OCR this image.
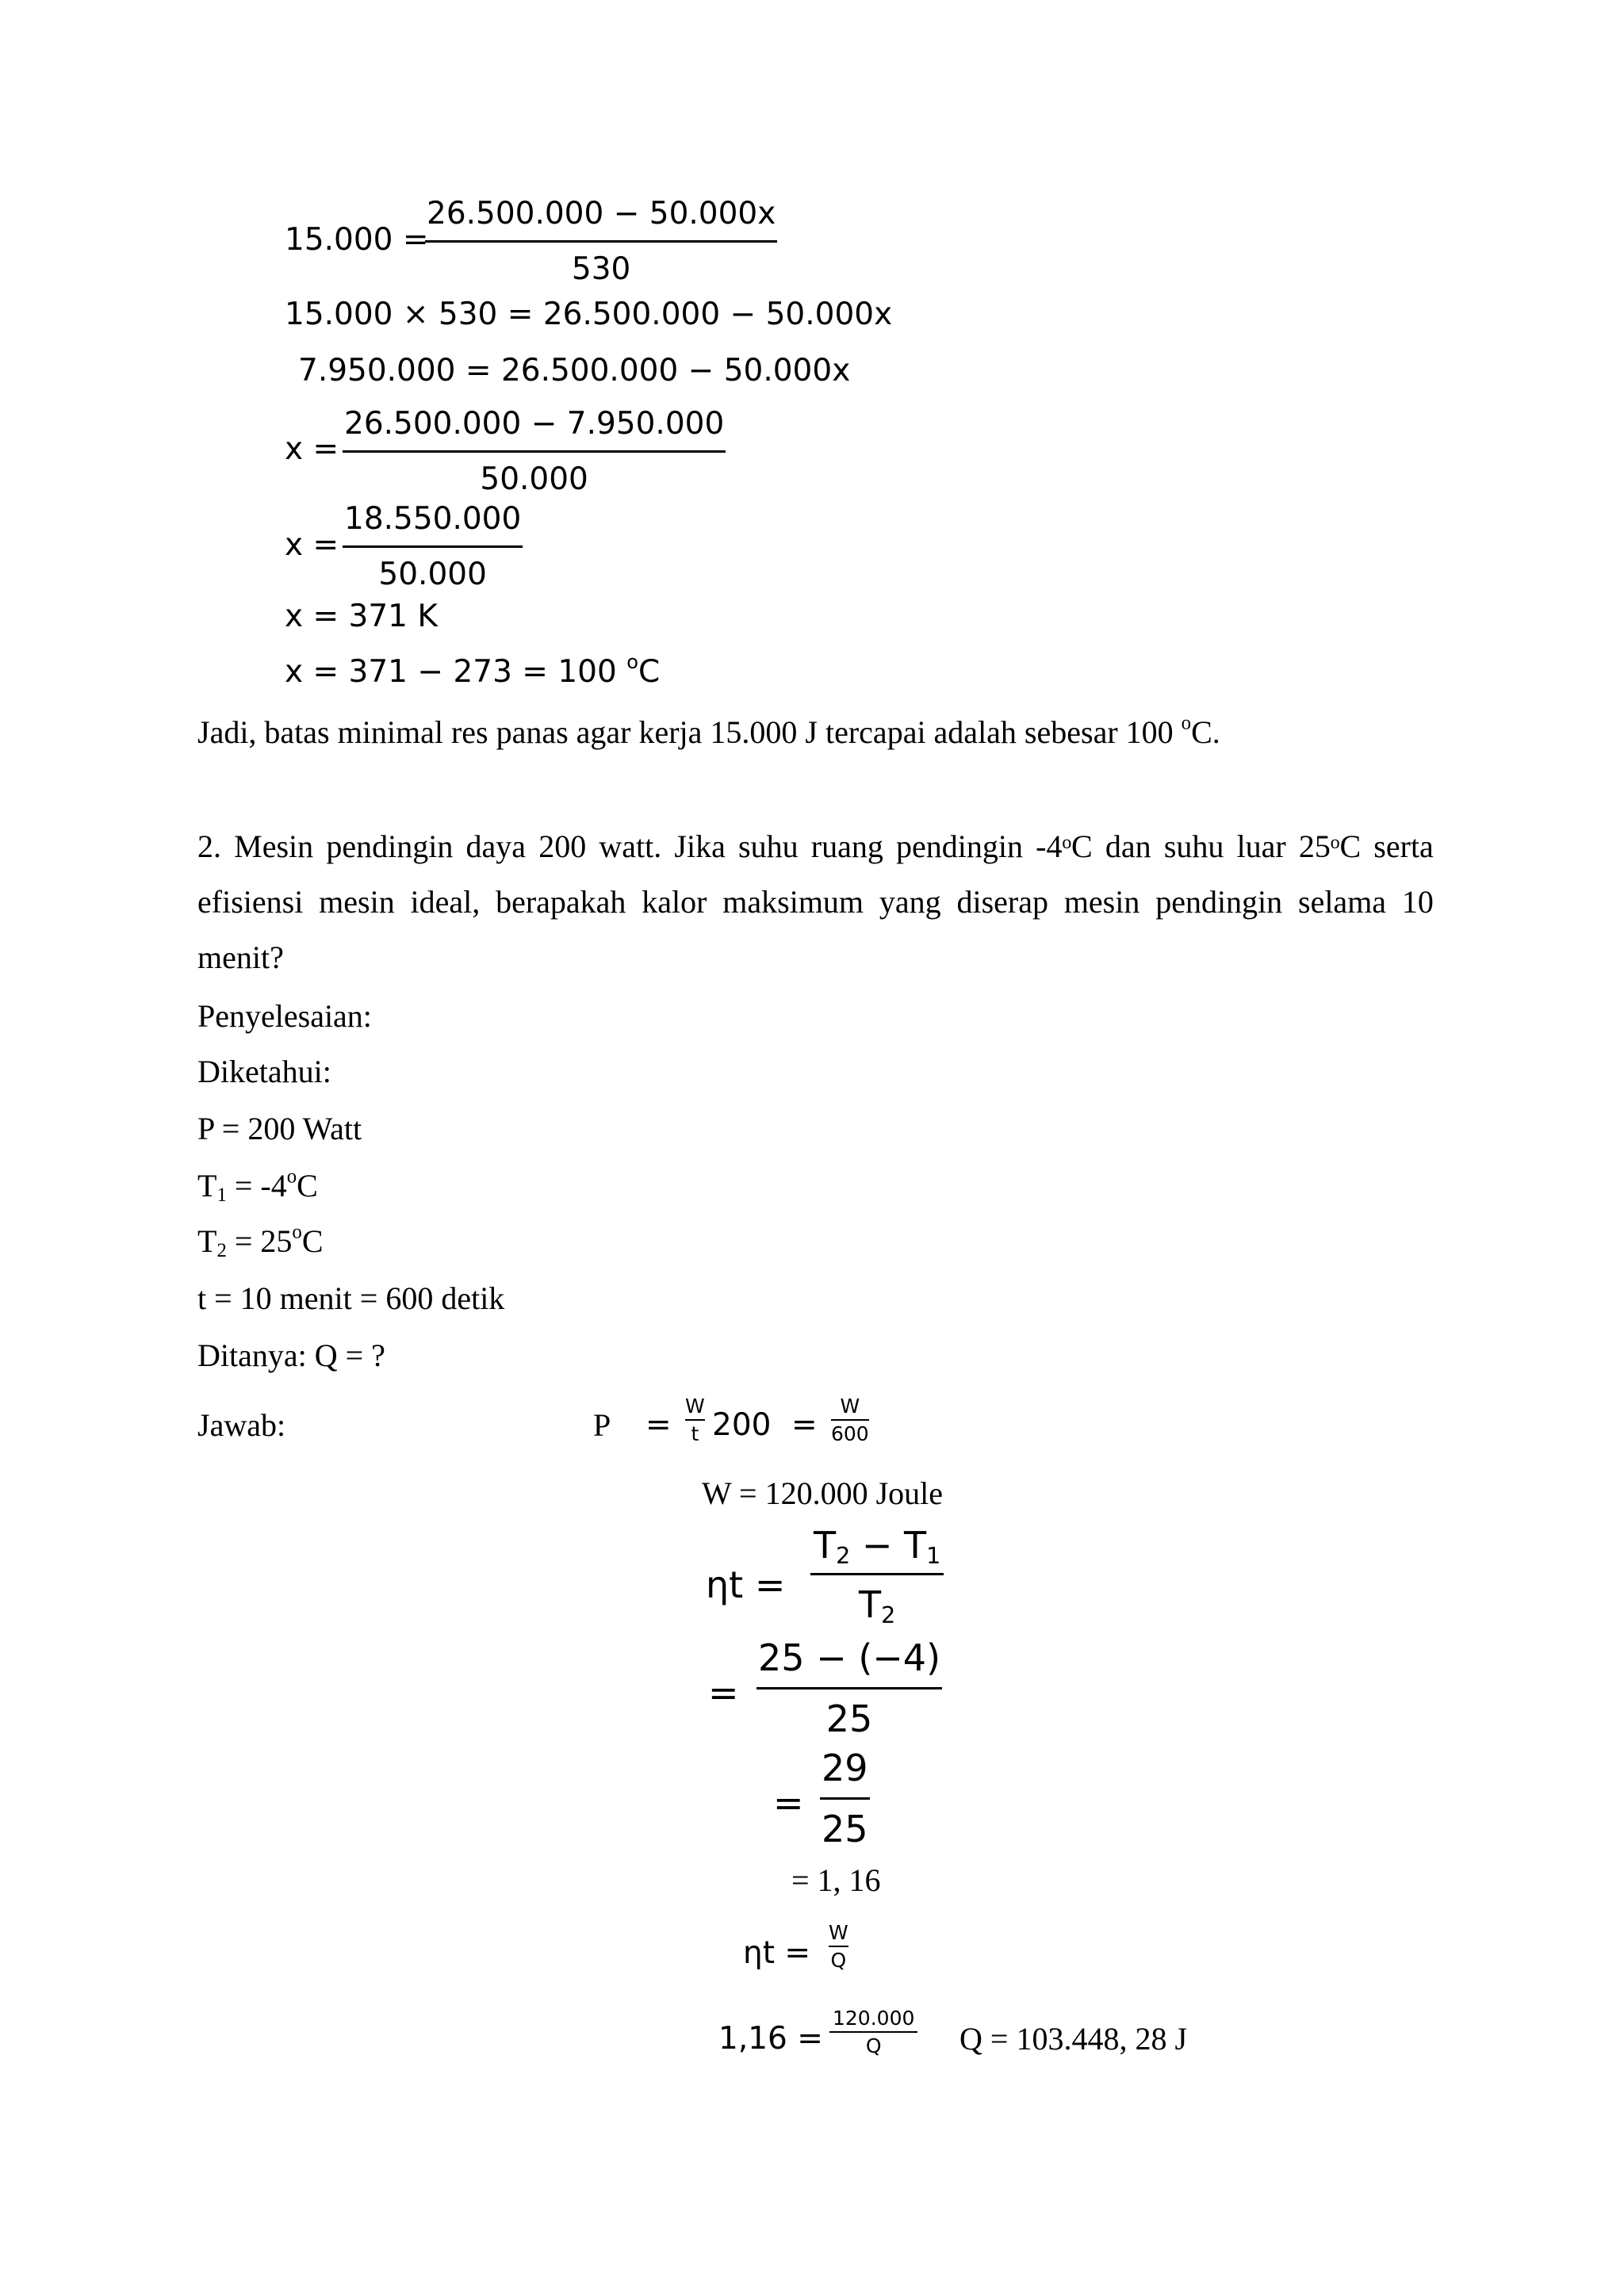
15.000 =
26.500.000 − 50.000x
530
15.000 × 530 = 26.500.000 − 50.000x
7.950.000 = 26.500.000 − 50.000x
x =
26.500.000 − 7.950.000
50.000
x =
18.550.000
50.000
x = 371 K
x = 371 − 273 = 100 $^o$C

Jadi, batas minimal res panas agar kerja 15.000 J tercapai adalah sebesar 100 $^o$C.

2. Mesin pendingin daya 200 watt. Jika suhu ruang pendingin -4ᵒC dan suhu luar 25ᵒC serta
efisiensi mesin ideal, berapakah kalor maksimum yang diserap mesin pendingin selama 10
menit?
Penyelesaian:
Diketahui:
P = 200 Watt
$T_1 = -4^oC$
$T_2 = 25^oC$
t = 10 menit = 600 detik
Ditanya: Q = ?
Jawab:	P =
W
t 200 =
W
600
W = 120.000 Joule
ηt =
$T_2 - T_1$
$T_2$
=
25 − (−4)
25
=
29
25
= 1, 16
ηt =
W
Q
1,16 =
120.000
Q Q = 103.448, 28 J
